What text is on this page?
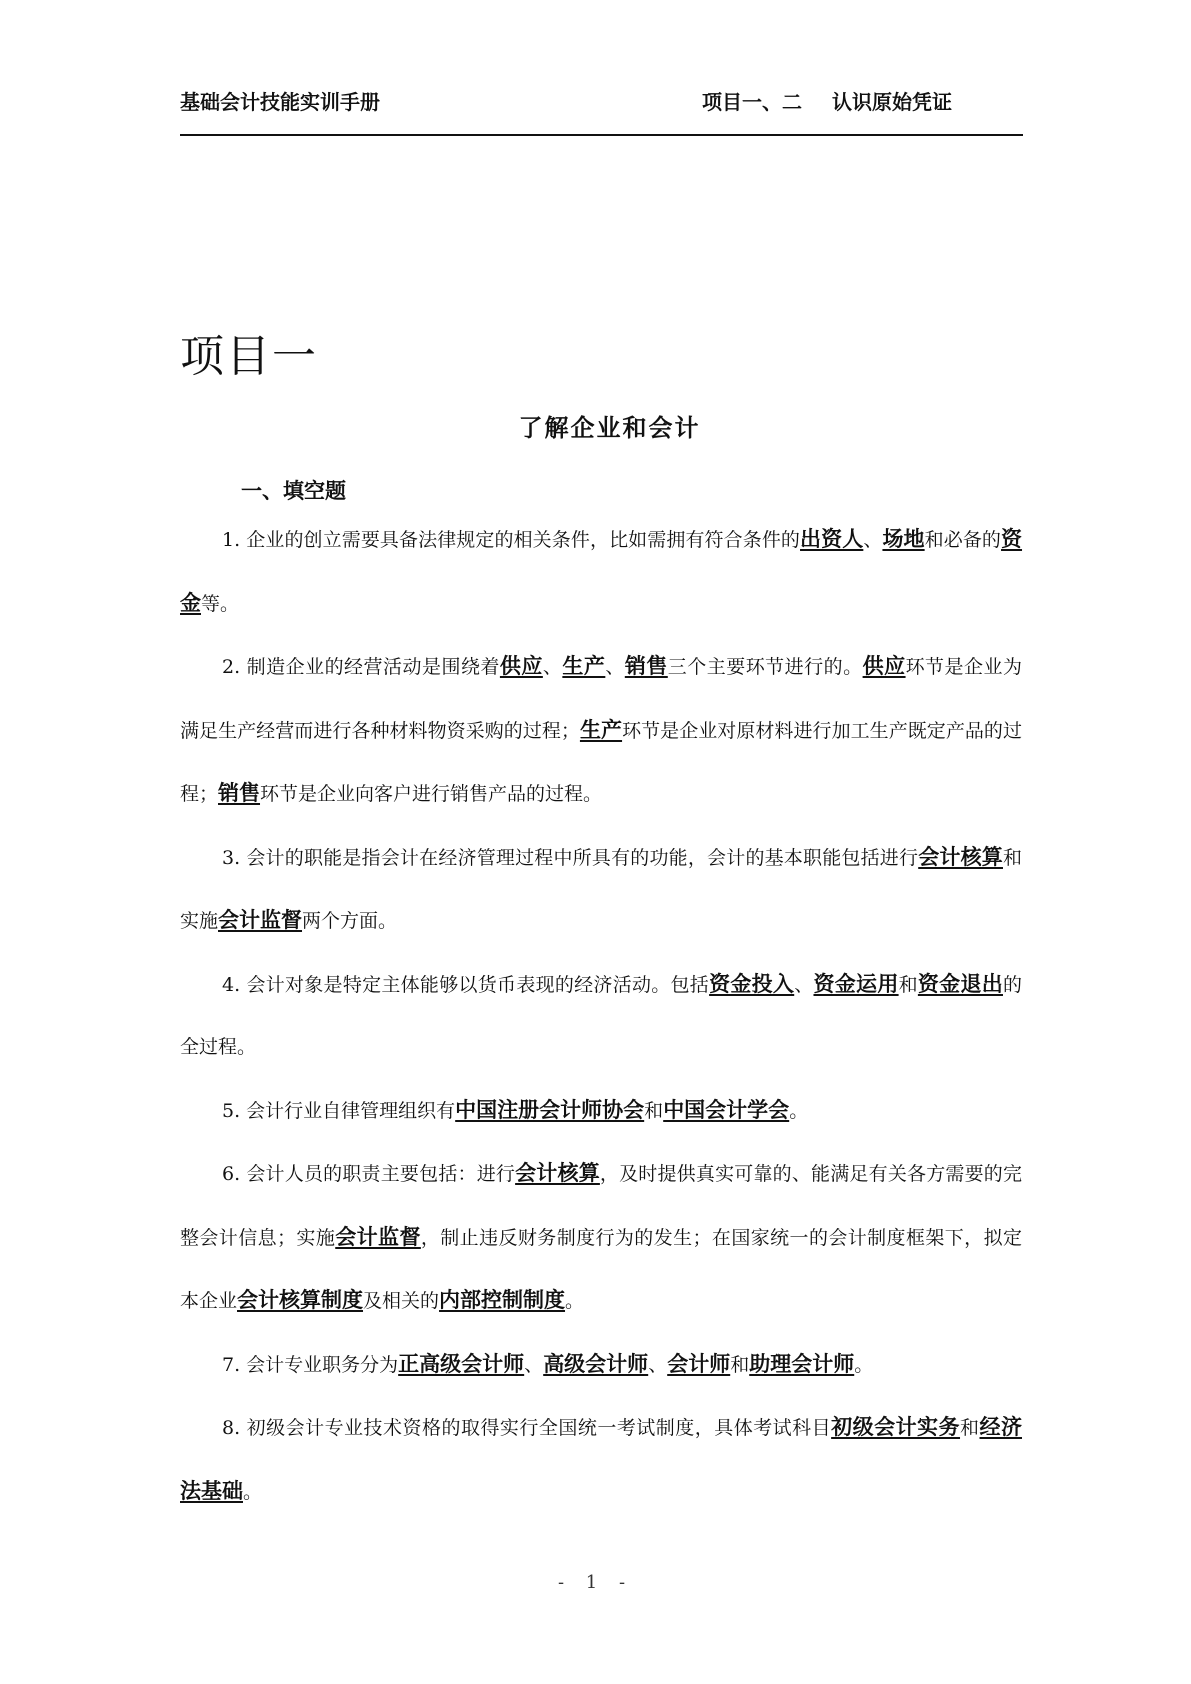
基础会计技能实训手册	项目一、二 认识原始凭证
项目一
了解企业和会计
一、填空题
1. 企业的创立需要具备法律规定的相关条件，比如需拥有符合条件的出资人、场地和必备的资金等。
2. 制造企业的经营活动是围绕着供应、生产、销售三个主要环节进行的。供应环节是企业为满足生产经营而进行各种材料物资采购的过程；生产环节是企业对原材料进行加工生产既定产品的过程；销售环节是企业向客户进行销售产品的过程。
3. 会计的职能是指会计在经济管理过程中所具有的功能，会计的基本职能包括进行会计核算和实施会计监督两个方面。
4. 会计对象是特定主体能够以货币表现的经济活动。包括资金投入、资金运用和资金退出的全过程。
5. 会计行业自律管理组织有中国注册会计师协会和中国会计学会。
6. 会计人员的职责主要包括：进行会计核算，及时提供真实可靠的、能满足有关各方需要的完整会计信息；实施会计监督，制止违反财务制度行为的发生；在国家统一的会计制度框架下，拟定本企业会计核算制度及相关的内部控制制度。
7. 会计专业职务分为正高级会计师、高级会计师、会计师和助理会计师。
8. 初级会计专业技术资格的取得实行全国统一考试制度，具体考试科目初级会计实务和经济法基础。
- 1 -
